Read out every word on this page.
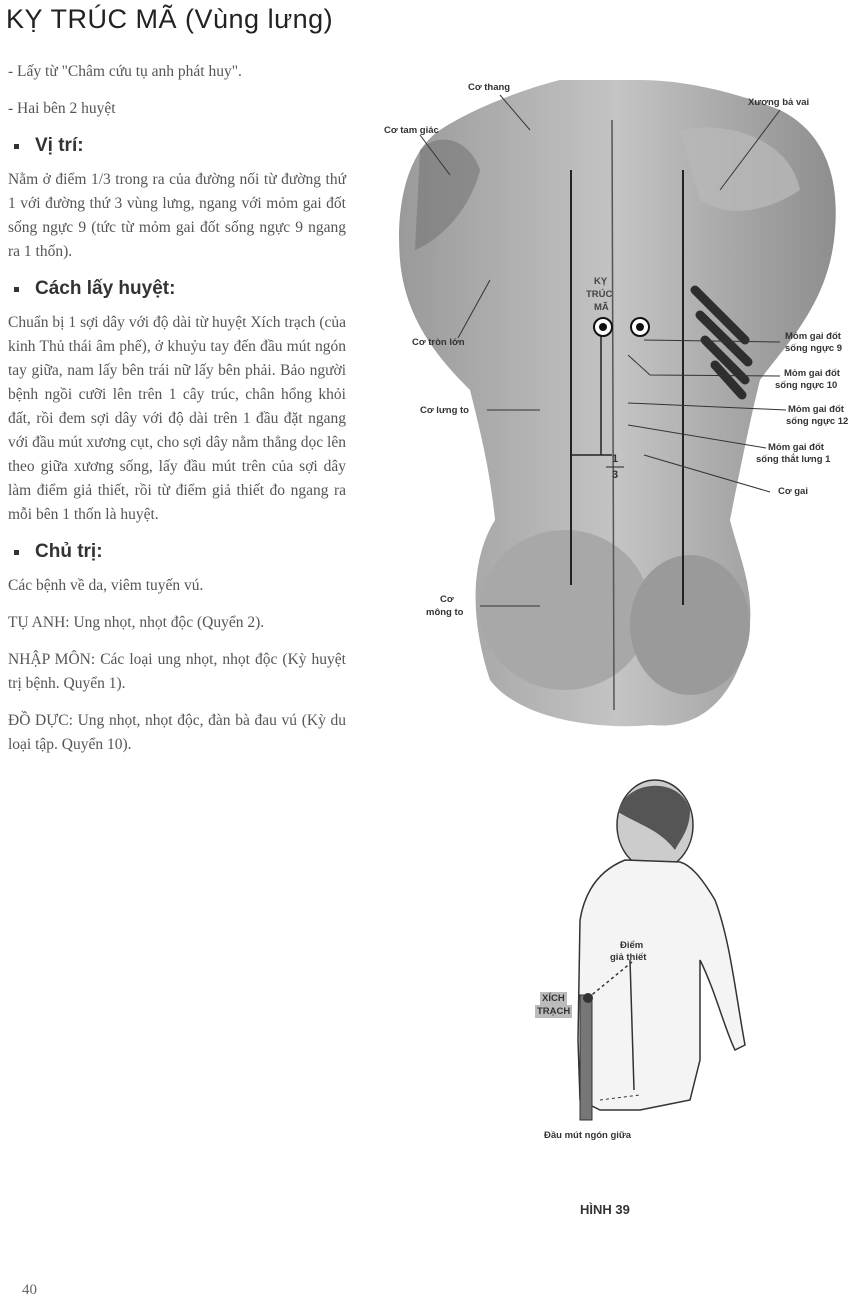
KỴ TRÚC MÃ (Vùng lưng)

- Lấy từ "Châm cứu tụ anh phát huy".

- Hai bên 2 huyệt

Vị trí:

Nằm ở điểm 1/3 trong ra của đường nối từ đường thứ 1 với đường thứ 3 vùng lưng, ngang với mỏm gai đốt sống ngực 9 (tức từ mỏm gai đốt sống ngực 9 ngang ra 1 thốn).

Cách lấy huyệt:

Chuẩn bị 1 sợi dây với độ dài từ huyệt Xích trạch (của kinh Thủ thái âm phế), ở khuỷu tay đến đầu mút ngón tay giữa, nam lấy bên trái nữ lấy bên phải. Bảo người bệnh ngồi cưỡi lên trên 1 cây trúc, chân hổng khỏi đất, rồi đem sợi dây với độ dài trên 1 đầu đặt ngang với đầu mút xương cụt, cho sợi dây nằm thẳng dọc lên theo giữa xương sống, lấy đầu mút trên của sợi dây làm điểm giả thiết, rồi từ điểm giả thiết đo ngang ra mỗi bên 1 thốn là huyệt.

Chủ trị:

Các bệnh về da, viêm tuyến vú.

TỤ ANH: Ung nhọt, nhọt độc (Quyển 2).

NHẬP MÔN: Các loại ung nhọt, nhọt độc (Kỳ huyệt trị bệnh. Quyển 1).

ĐỒ DỰC: Ung nhọt, nhọt độc, đàn bà đau vú (Kỳ du loại tập. Quyển 10).

Cơ thang
Xương bả vai
Cơ tam giác
KỴ
TRÚC
MÃ
Cơ tròn lớn
Mỏm gai đốt
sống ngực 9
Mỏm gai đốt
sống ngực 10
Mỏm gai đốt
sống ngực 12
Cơ lưng to
Mỏm gai đốt
sống thắt lưng 1
1
3
Cơ gai
Cơ
mông to
Điểm
giả thiết
XÍCH
TRẠCH
Đầu mút ngón giữa
HÌNH 39
40
